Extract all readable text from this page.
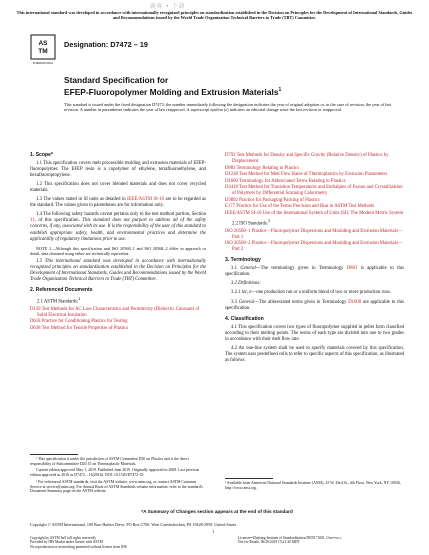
This international standard was developed in accordance with internationally recognized principles on standardization established in the Decision on Principles for the Development of International Standards, Guides and Recommendations issued by the World Trade Organization Technical Barriers to Trade (TBT) Committee.
鹿客 • 下载
AS
TM
INTERNATIONAL
Designation: D7472 – 19
Standard Specification for
EFEP-Fluoropolymer Molding and Extrusion Materials$^1$
This standard is issued under the fixed designation D7472; the number immediately following the designation indicates the year of original adoption or, in the case of revision, the year of last revision. A number in parentheses indicates the year of last reapproval. A superscript epsilon (ε) indicates an editorial change since the last revision or reapproval.
1. Scope*

1.1 This specification covers melt processible molding and extrusion materials of EFEP-fluoropolymer. The EFEP resin is a copolymer of ethylene, tetrafluoroethylene, and hexafluoropropylene.

1.2 This specification does not cover blended materials and does not cover recycled materials.

1.3 The values stated in SI units as detailed in IEEE/ASTM SI-10 are to be regarded as the standard. The values given in parentheses are for information only.

1.4 The following safety hazards caveat pertains only to the test method portion, Section 11, of this specification. This standard does not purport to address all of the safety concerns, if any, associated with its use. It is the responsibility of the user of this standard to establish appropriate safety, health, and environmental practices and determine the applicability of regulatory limitations prior to use.

NOTE 1—Although this specification and ISO 20568–1 and ISO 20568–2 differ in approach or detail, data obtained using either are technically equivalent.

1.5 This international standard was developed in accordance with internationally recognized principles on standardization established in the Decision on Principles for the Development of International Standards, Guides and Recommendations issued by the World Trade Organization Technical Barriers to Trade (TBT) Committee.

2. Referenced Documents
2.1 ASTM Standards:$^2$
D150 Test Methods for AC Loss Characteristics and Permittivity (Dielectric Constant) of Solid Electrical Insulation
D618 Practice for Conditioning Plastics for Testing
D638 Test Method for Tensile Properties of Plastics
D792 Test Methods for Density and Specific Gravity (Relative Density) of Plastics by Displacement
D883 Terminology Relating to Plastics
D1238 Test Method for Melt Flow Rates of Thermoplastics by Extrusion Plastometer
D1600 Terminology for Abbreviated Terms Relating to Plastics
D3418 Test Method for Transition Temperatures and Enthalpies of Fusion and Crystallization of Polymers by Differential Scanning Calorimetry
D3892 Practice for Packaging/Packing of Plastics
E177 Practice for Use of the Terms Precision and Bias in ASTM Test Methods
IEEE/ASTM SI-10 Use of the International System of Units (SI): The Modern Metric System
2.2 ISO Standards:$^3$
ISO 20568–1 Plastics—Fluoropolymer Dispersions and Moulding and Extrusion Materials—Part 1
ISO 20568–2 Plastics—Fluoropolymer Dispersions and Moulding and Extrusion Materials—Part 2
3. Terminology

3.1 General—The terminology given in Terminology D883 is applicable to this specification.

3.2 Definitions:

3.2.1 lot, n—one production run or a uniform blend of two or more production runs.

3.3 General—The abbreviated terms given in Terminology D1600 are applicable to this specification.

4. Classification

4.1 This specification covers two types of fluoropolymer supplied in pellet form classified according to their melting points. The resins of each type are divided into one to two grades in accordance with their melt flow rate.

4.2 An one-line system shall be used to specify materials covered by this specification. The system uses predefined cells to refer to specific aspects of this specification, as illustrated as follows:

¹ This specification is under the jurisdiction of ASTM Committee D20 on Plastics and is the direct responsibility of Subcommittee D20.15 on Thermoplastic Materials.

Current edition approved May 1, 2019. Published June 2019. Originally approved in 2008. Last previous edition approved in 2016 as D7472 – 16(2016). DOI: 10.1520/D7472-19.

² For referenced ASTM standards, visit the ASTM website, www.astm.org, or contact ASTM Customer Service at service@astm.org. For Annual Book of ASTM Standards volume information, refer to the standard's Document Summary page on the ASTM website.

³ Available from American National Standards Institute (ANSI), 25 W. 43rd St., 4th Floor, New York, NY 10036, http://www.ansi.org.
*A Summary of Changes section appears at the end of this standard
Copyright © ASTM International, 100 Barr Harbor Drive, PO Box C700, West Conshohocken, PA 19428-2959. United States
1
Copyright by ASTM Int'l (all rights reserved);
Provided by IHS Markit under license with ASTM
No reproduction or networking permitted without license from IHS
Licensee=Zhejiang Institute of Standardization/5959171001, User=xx, r
Not for Resale, 06/20/2019 15:21:30 MDT
